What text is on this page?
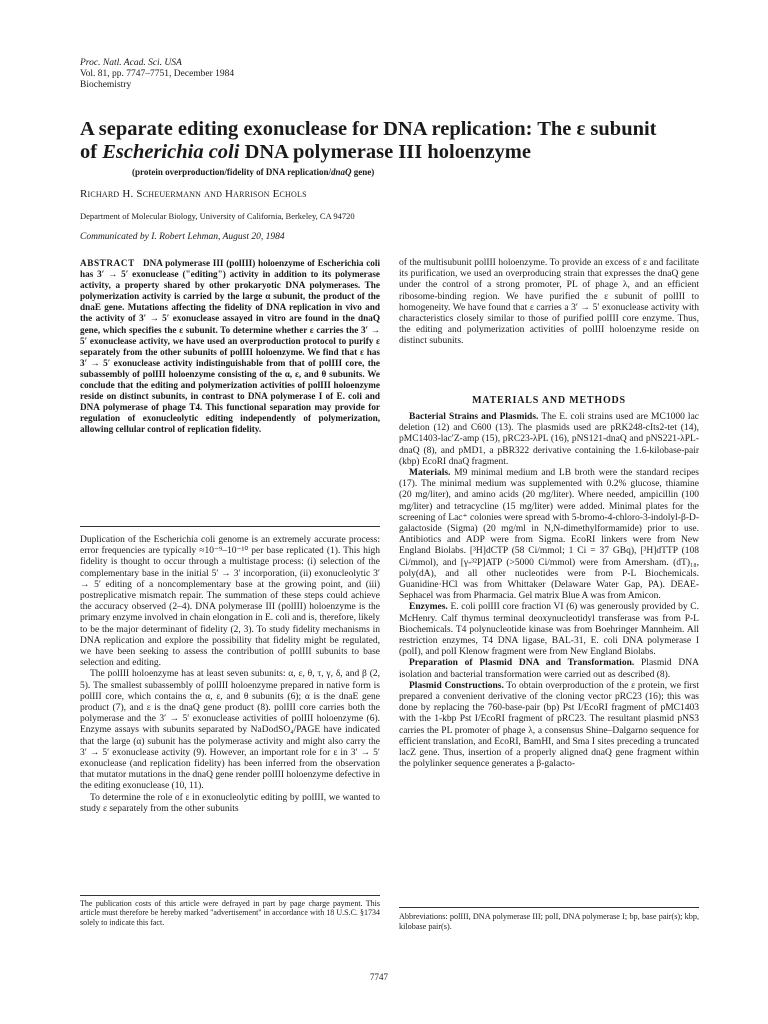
Proc. Natl. Acad. Sci. USA
Vol. 81, pp. 7747–7751, December 1984
Biochemistry
A separate editing exonuclease for DNA replication: The ε subunit
of Escherichia coli DNA polymerase III holoenzyme
(protein overproduction/fidelity of DNA replication/dnaQ gene)
Richard H. Scheuermann and Harrison Echols
Department of Molecular Biology, University of California, Berkeley, CA 94720
Communicated by I. Robert Lehman, August 20, 1984
ABSTRACT DNA polymerase III (polIII) holoenzyme of Escherichia coli has 3′ → 5′ exonuclease ("editing") activity in addition to its polymerase activity, a property shared by other prokaryotic DNA polymerases. The polymerization activity is carried by the large α subunit, the product of the dnaE gene. Mutations affecting the fidelity of DNA replication in vivo and the activity of 3′ → 5′ exonuclease assayed in vitro are found in the dnaQ gene, which specifies the ε subunit. To determine whether ε carries the 3′ → 5′ exonuclease activity, we have used an overproduction protocol to purify ε separately from the other subunits of polIII holoenzyme. We find that ε has 3′ → 5′ exonuclease activity indistinguishable from that of polIII core, the subassembly of polIII holoenzyme consisting of the α, ε, and θ subunits. We conclude that the editing and polymerization activities of polIII holoenzyme reside on distinct subunits, in contrast to DNA polymerase I of E. coli and DNA polymerase of phage T4. This functional separation may provide for regulation of exonucleolytic editing independently of polymerization, allowing cellular control of replication fidelity.

Duplication of the Escherichia coli genome is an extremely accurate process: error frequencies are typically ≈10⁻⁹–10⁻¹⁰ per base replicated (1). This high fidelity is thought to occur through a multistage process: (i) selection of the complementary base in the initial 5′ → 3′ incorporation, (ii) exonucleolytic 3′ → 5′ editing of a noncomplementary base at the growing point, and (iii) postreplicative mismatch repair. The summation of these steps could achieve the accuracy observed (2–4). DNA polymerase III (polIII) holoenzyme is the primary enzyme involved in chain elongation in E. coli and is, therefore, likely to be the major determinant of fidelity (2, 3). To study fidelity mechanisms in DNA replication and explore the possibility that fidelity might be regulated, we have been seeking to assess the contribution of polIII subunits to base selection and editing.

The polIII holoenzyme has at least seven subunits: α, ε, θ, τ, γ, δ, and β (2, 5). The smallest subassembly of polIII holoenzyme prepared in native form is polIII core, which contains the α, ε, and θ subunits (6); α is the dnaE gene product (7), and ε is the dnaQ gene product (8). polIII core carries both the polymerase and the 3′ → 5′ exonuclease activities of polIII holoenzyme (6). Enzyme assays with subunits separated by NaDodSO₄/PAGE have indicated that the large (α) subunit has the polymerase activity and might also carry the 3′ → 5′ exonuclease activity (9). However, an important role for ε in 3′ → 5′ exonuclease (and replication fidelity) has been inferred from the observation that mutator mutations in the dnaQ gene render polIII holoenzyme defective in the editing exonuclease (10, 11).

To determine the role of ε in exonucleolytic editing by polIII, we wanted to study ε separately from the other subunits

The publication costs of this article were defrayed in part by page charge payment. This article must therefore be hereby marked "advertisement" in accordance with 18 U.S.C. §1734 solely to indicate this fact.
of the multisubunit polIII holoenzyme. To provide an excess of ε and facilitate its purification, we used an overproducing strain that expresses the dnaQ gene under the control of a strong promoter, PL of phage λ, and an efficient ribosome-binding region. We have purified the ε subunit of polIII to homogeneity. We have found that ε carries a 3′ → 5′ exonuclease activity with characteristics closely similar to those of purified polIII core enzyme. Thus, the editing and polymerization activities of polIII holoenzyme reside on distinct subunits.
MATERIALS AND METHODS

Bacterial Strains and Plasmids. The E. coli strains used are MC1000 lac deletion (12) and C600 (13). The plasmids used are pRK248-cIts2-tet (14), pMC1403-lac′Z-amp (15), pRC23-λPL (16), pNS121-dnaQ and pNS221-λPL-dnaQ (8), and pMD1, a pBR322 derivative containing the 1.6-kilobase-pair (kbp) EcoRI dnaQ fragment.

Materials. M9 minimal medium and LB broth were the standard recipes (17). The minimal medium was supplemented with 0.2% glucose, thiamine (20 mg/liter), and amino acids (20 mg/liter). Where needed, ampicillin (100 mg/liter) and tetracycline (15 mg/liter) were added. Minimal plates for the screening of Lac⁺ colonies were spread with 5-bromo-4-chloro-3-indolyl-β-D-galactoside (Sigma) (20 mg/ml in N,N-dimethylformamide) prior to use. Antibiotics and ADP were from Sigma. EcoRI linkers were from New England Biolabs. [³H]dCTP (58 Ci/mmol; 1 Ci = 37 GBq), [³H]dTTP (108 Ci/mmol), and [γ-³²P]ATP (>5000 Ci/mmol) were from Amersham. (dT)₁₈, poly(dA), and all other nucleotides were from P-L Biochemicals. Guanidine·HCl was from Whittaker (Delaware Water Gap, PA). DEAE-Sephacel was from Pharmacia. Gel matrix Blue A was from Amicon.

Enzymes. E. coli polIII core fraction VI (6) was generously provided by C. McHenry. Calf thymus terminal deoxynucleotidyl transferase was from P-L Biochemicals. T4 polynucleotide kinase was from Boehringer Mannheim. All restriction enzymes, T4 DNA ligase, BAL-31, E. coli DNA polymerase I (polI), and polI Klenow fragment were from New England Biolabs.

Preparation of Plasmid DNA and Transformation. Plasmid DNA isolation and bacterial transformation were carried out as described (8).

Plasmid Constructions. To obtain overproduction of the ε protein, we first prepared a convenient derivative of the cloning vector pRC23 (16); this was done by replacing the 760-base-pair (bp) Pst I/EcoRI fragment of pMC1403 with the 1-kbp Pst I/EcoRI fragment of pRC23. The resultant plasmid pNS3 carries the PL promoter of phage λ, a consensus Shine–Dalgarno sequence for efficient translation, and EcoRI, BamHI, and Sma I sites preceding a truncated lacZ gene. Thus, insertion of a properly aligned dnaQ gene fragment within the polylinker sequence generates a β-galacto-

Abbreviations: polIII, DNA polymerase III; polI, DNA polymerase I; bp, base pair(s); kbp, kilobase pair(s).
7747
